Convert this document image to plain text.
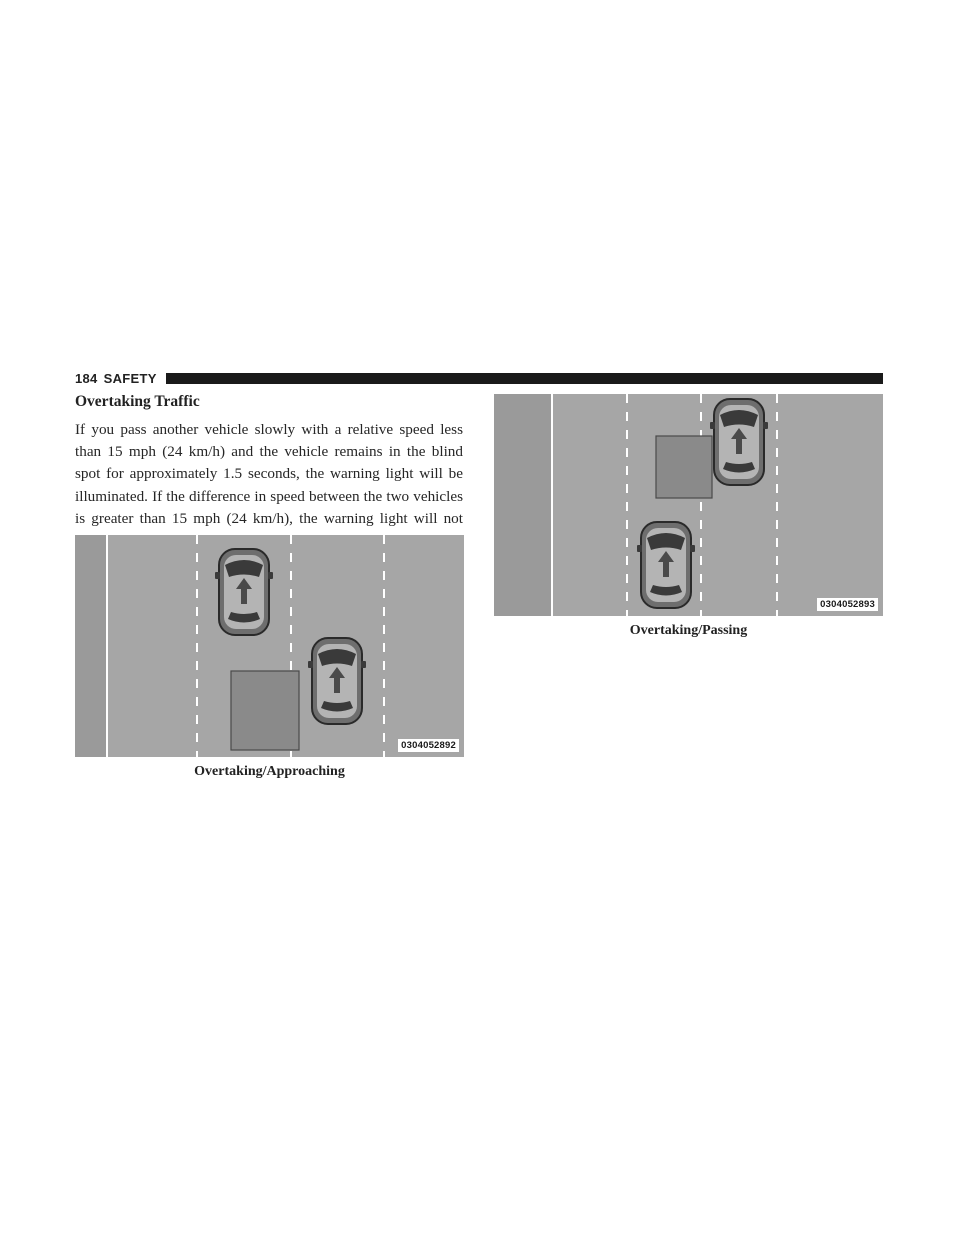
184 SAFETY
Overtaking Traffic

If you pass another vehicle slowly with a relative speed less than 15 mph (24 km/h) and the vehicle remains in the blind spot for approximately 1.5 seconds, the warning light will be illuminated. If the difference in speed between the two vehicles is greater than 15 mph (24 km/h), the warning light will not

0304052892

Overtaking/Approaching

0304052893

Overtaking/Passing
